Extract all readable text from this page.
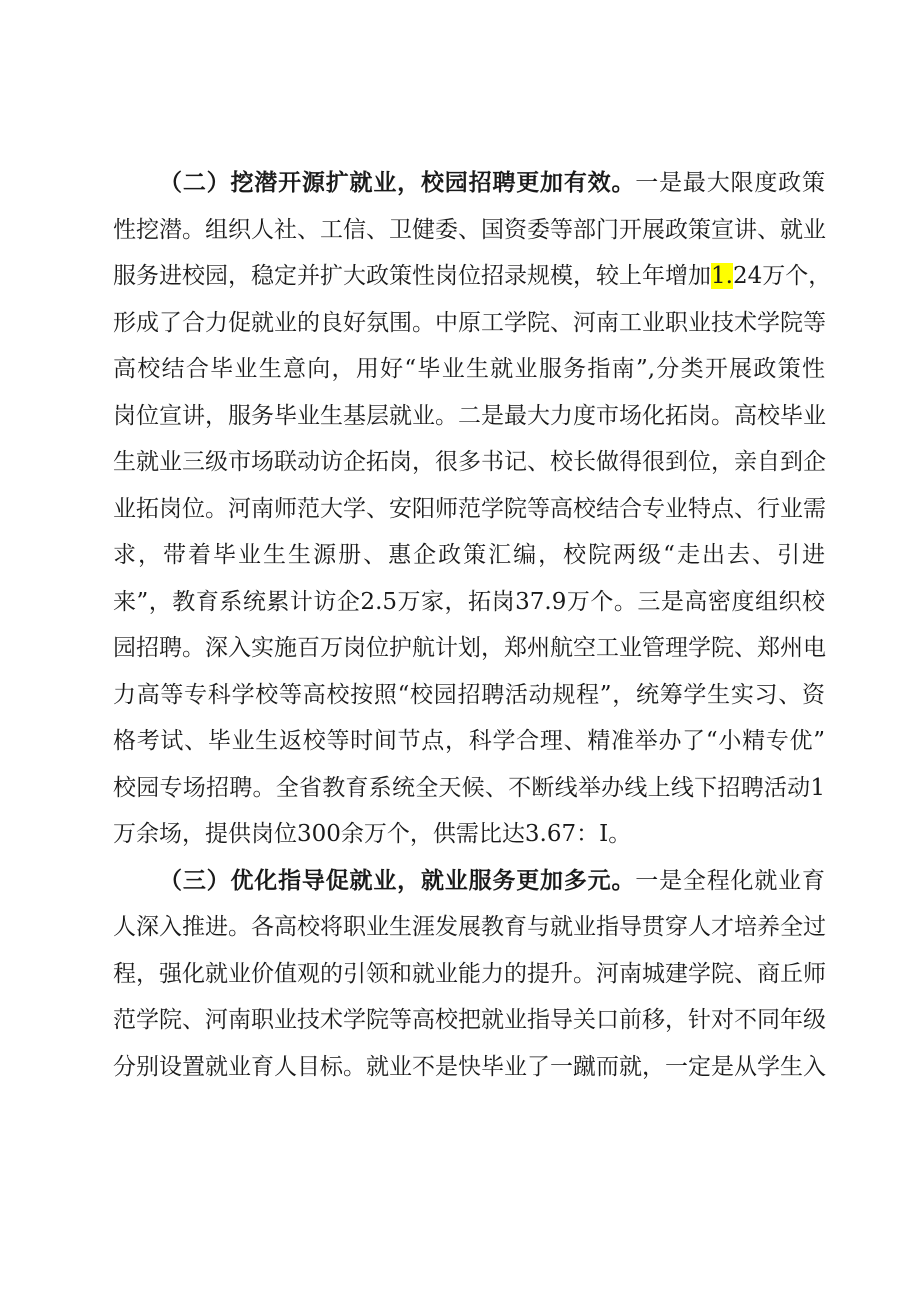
（二）挖潜开源扩就业，校园招聘更加有效。一是最大限度政策
性挖潜。组织人社、工信、卫健委、国资委等部门开展政策宣讲、就业
服务进校园，稳定并扩大政策性岗位招录规模，较上年增加1.24万个，
形成了合力促就业的良好氛围。中原工学院、河南工业职业技术学院等
高校结合毕业生意向，用好“毕业生就业服务指南”,分类开展政策性
岗位宣讲，服务毕业生基层就业。二是最大力度市场化拓岗。高校毕业
生就业三级市场联动访企拓岗，很多书记、校长做得很到位，亲自到企
业拓岗位。河南师范大学、安阳师范学院等高校结合专业特点、行业需
求，带着毕业生生源册、惠企政策汇编，校院两级“走出去、引进
来”，教育系统累计访企2.5万家，拓岗37.9万个。三是高密度组织校
园招聘。深入实施百万岗位护航计划，郑州航空工业管理学院、郑州电
力高等专科学校等高校按照“校园招聘活动规程”，统筹学生实习、资
格考试、毕业生返校等时间节点，科学合理、精准举办了“小精专优”
校园专场招聘。全省教育系统全天候、不断线举办线上线下招聘活动1
万余场，提供岗位300余万个，供需比达3.67：I。
（三）优化指导促就业，就业服务更加多元。一是全程化就业育
人深入推进。各高校将职业生涯发展教育与就业指导贯穿人才培养全过
程，强化就业价值观的引领和就业能力的提升。河南城建学院、商丘师
范学院、河南职业技术学院等高校把就业指导关口前移，针对不同年级
分别设置就业育人目标。就业不是快毕业了一蹴而就，一定是从学生入
